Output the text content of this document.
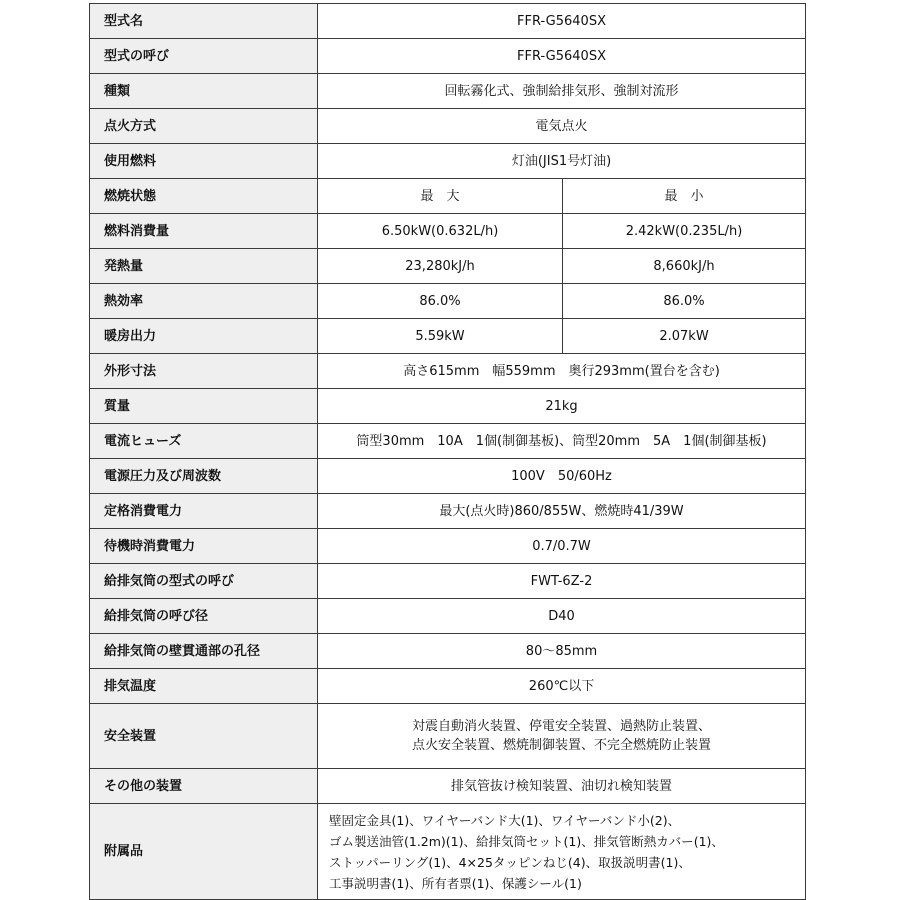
型式名	FFR-G5640SX	
型式の呼び	FFR-G5640SX	
種類	回転霧化式、強制給排気形、強制対流形	
点火方式	電気点火	
使用燃料	灯油(JIS1号灯油)	
燃焼状態	最　大	最　小
燃料消費量	6.50kW(0.632L/h)	2.42kW(0.235L/h)
発熱量	23,280kJ/h	8,660kJ/h
熱効率	86.0%	86.0%
暖房出力	5.59kW	2.07kW
外形寸法	高さ615mm　幅559mm　奥行293mm(置台を含む)	
質量	21kg	
電流ヒューズ	筒型30mm　10A　1個(制御基板)、筒型20mm　5A　1個(制御基板)	
電源圧力及び周波数	100V　50/60Hz	
定格消費電力	最大(点火時)860/855W、燃焼時41/39W	
待機時消費電力	0.7/0.7W	
給排気筒の型式の呼び	FWT-6Z-2	
給排気筒の呼び径	D40	
給排気筒の壁貫通部の孔径	80～85mm	
排気温度	260℃以下	
安全装置	対震自動消火装置、停電安全装置、過熱防止装置、
点火安全装置、燃焼制御装置、不完全燃焼防止装置	

その他の装置	排気管抜け検知装置、油切れ検知装置	
附属品	壁固定金具(1)、ワイヤーバンド大(1)、ワイヤーバンド小(2)、
ゴム製送油管(1.2m)(1)、給排気筒セット(1)、排気管断熱カバー(1)、
ストッパーリング(1)、4×25タッピンねじ(4)、取扱説明書(1)、
工事説明書(1)、所有者票(1)、保護シール(1)	
